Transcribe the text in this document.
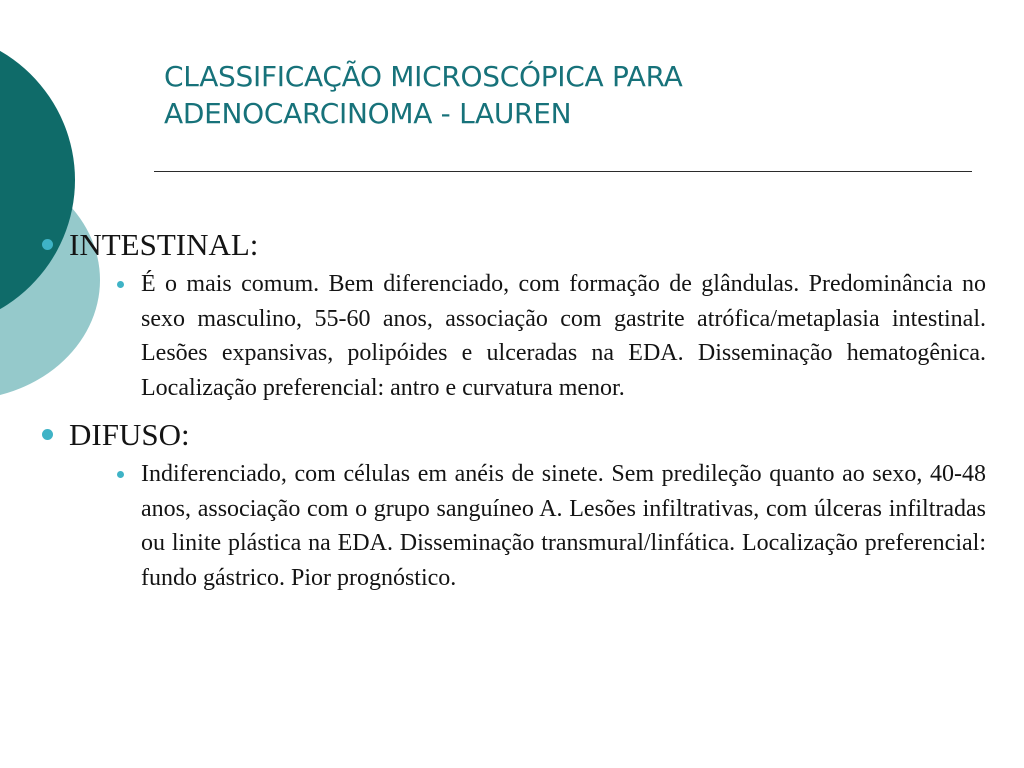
CLASSIFICAÇÃO MICROSCÓPICA PARA
ADENOCARCINOMA - LAUREN
INTESTINAL:
É o mais comum. Bem diferenciado, com formação de glândulas. Predominância no sexo masculino, 55-60 anos, associação com gastrite atrófica/metaplasia intestinal. Lesões expansivas, polipóides e ulceradas na EDA. Disseminação hematogênica. Localização preferencial: antro e curvatura menor.
DIFUSO:
Indiferenciado, com células em anéis de sinete. Sem predileção quanto ao sexo, 40-48 anos, associação com o grupo sanguíneo A. Lesões infiltrativas, com úlceras infiltradas ou linite plástica na EDA. Disseminação transmural/linfática. Localização preferencial: fundo gástrico. Pior prognóstico.
